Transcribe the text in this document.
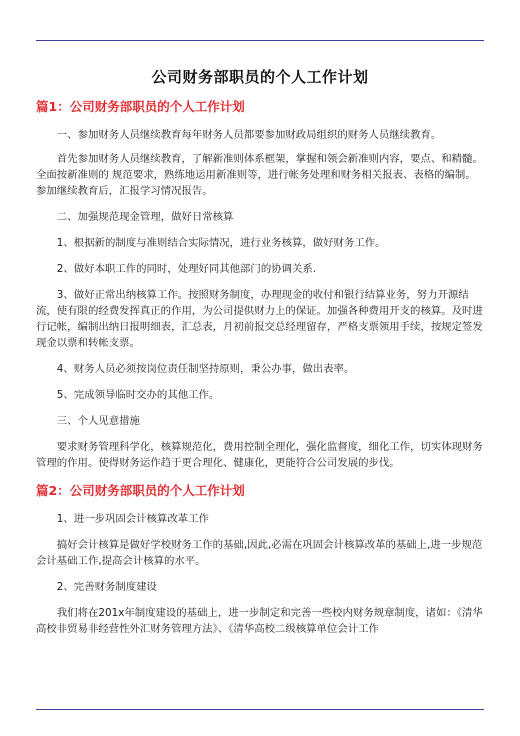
公司财务部职员的个人工作计划
篇1：公司财务部职员的个人工作计划

一、参加财务人员继续教育每年财务人员都要参加财政局组织的财务人员继续教育。

首先参加财务人员继续教育，了解新准则体系框架，掌握和领会新准则内容，要点、和精髓。全面按新准则的 规范要求，熟练地运用新准则等，进行帐务处理和财务相关报表、表格的编制。参加继续教育后，汇报学习情况报告。

二、加强规范现金管理，做好日常核算

1、根据新的制度与准则结合实际情况，进行业务核算，做好财务工作。

2、做好本职工作的同时，处理好同其他部门的协调关系.

3、做好正常出纳核算工作。按照财务制度，办理现金的收付和银行结算业务，努力开源结流，使有限的经费发挥真正的作用，为公司提供财力上的保证。加强各种费用开支的核算。及时进行记帐，编制出纳日报明细表，汇总表，月初前报交总经理留存，严格支票领用手续，按规定签发现金以票和转帐支票。

4、财务人员必须按岗位责任制坚持原则，秉公办事，做出表率。

5、完成领导临时交办的其他工作。

三、个人见意措施

要求财务管理科学化，核算规范化，费用控制全理化，强化监督度，细化工作，切实体现财务管理的作用。使得财务运作趋于更合理化、健康化，更能符合公司发展的步伐。

篇2：公司财务部职员的个人工作计划

1、进一步巩固会计核算改革工作

搞好会计核算是做好学校财务工作的基础,因此,必需在巩固会计核算改革的基础上,进一步规范会计基础工作,提高会计核算的水平。

2、完善财务制度建设

我们将在201x年制度建设的基础上，进一步制定和完善一些校内财务规章制度，诸如：《清华高校非贸易非经营性外汇财务管理方法》、《清华高校二级核算单位会计工作
